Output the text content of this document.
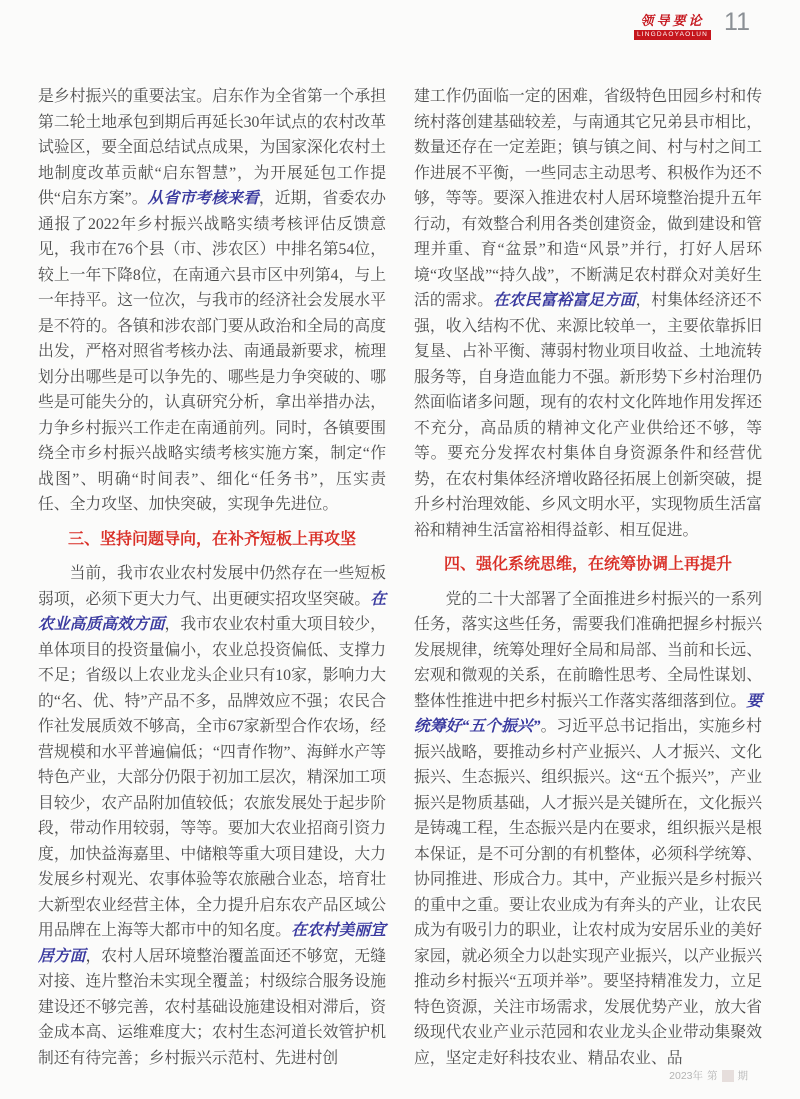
领导要论
LINGDAOYAOLUN 11

是乡村振兴的重要法宝。启东作为全省第一个承担第二轮土地承包到期后再延长30年试点的农村改革试验区，要全面总结试点成果，为国家深化农村土地制度改革贡献“启东智慧”，为开展延包工作提供“启东方案”。从省市考核来看，近期，省委农办通报了2022年乡村振兴战略实绩考核评估反馈意见，我市在76个县（市、涉农区）中排名第54位，较上一年下降8位，在南通六县市区中列第4，与上一年持平。这一位次，与我市的经济社会发展水平是不符的。各镇和涉农部门要从政治和全局的高度出发，严格对照省考核办法、南通最新要求，梳理划分出哪些是可以争先的、哪些是力争突破的、哪些是可能失分的，认真研究分析，拿出举措办法，力争乡村振兴工作走在南通前列。同时，各镇要围绕全市乡村振兴战略实绩考核实施方案，制定“作战图”、明确“时间表”、细化“任务书”，压实责任、全力攻坚、加快突破，实现争先进位。

三、坚持问题导向，在补齐短板上再攻坚

当前，我市农业农村发展中仍然存在一些短板弱项，必须下更大力气、出更硬实招攻坚突破。在农业高质高效方面，我市农业农村重大项目较少，单体项目的投资量偏小，农业总投资偏低、支撑力不足；省级以上农业龙头企业只有10家，影响力大的“名、优、特”产品不多，品牌效应不强；农民合作社发展质效不够高，全市67家新型合作农场，经营规模和水平普遍偏低；“四青作物”、海鲜水产等特色产业，大部分仍限于初加工层次，精深加工项目较少，农产品附加值较低；农旅发展处于起步阶段，带动作用较弱，等等。要加大农业招商引资力度，加快益海嘉里、中储粮等重大项目建设，大力发展乡村观光、农事体验等农旅融合业态，培育壮大新型农业经营主体，全力提升启东农产品区域公用品牌在上海等大都市中的知名度。在农村美丽宜居方面，农村人居环境整治覆盖面还不够宽，无缝对接、连片整治未实现全覆盖；村级综合服务设施建设还不够完善，农村基础设施建设相对滞后，资金成本高、运维难度大；农村生态河道长效管护机制还有待完善；乡村振兴示范村、先进村创

建工作仍面临一定的困难，省级特色田园乡村和传统村落创建基础较差，与南通其它兄弟县市相比，数量还存在一定差距；镇与镇之间、村与村之间工作进展不平衡，一些同志主动思考、积极作为还不够，等等。要深入推进农村人居环境整治提升五年行动，有效整合利用各类创建资金，做到建设和管理并重、育“盆景”和造“风景”并行，打好人居环境“攻坚战”“持久战”，不断满足农村群众对美好生活的需求。在农民富裕富足方面，村集体经济还不强，收入结构不优、来源比较单一，主要依靠拆旧复垦、占补平衡、薄弱村物业项目收益、土地流转服务等，自身造血能力不强。新形势下乡村治理仍然面临诸多问题，现有的农村文化阵地作用发挥还不充分，高品质的精神文化产业供给还不够，等等。要充分发挥农村集体自身资源条件和经营优势，在农村集体经济增收路径拓展上创新突破，提升乡村治理效能、乡风文明水平，实现物质生活富裕和精神生活富裕相得益彰、相互促进。

四、强化系统思维，在统筹协调上再提升

党的二十大部署了全面推进乡村振兴的一系列任务，落实这些任务，需要我们准确把握乡村振兴发展规律，统筹处理好全局和局部、当前和长远、宏观和微观的关系，在前瞻性思考、全局性谋划、整体性推进中把乡村振兴工作落实落细落到位。要统筹好“五个振兴”。习近平总书记指出，实施乡村振兴战略，要推动乡村产业振兴、人才振兴、文化振兴、生态振兴、组织振兴。这“五个振兴”，产业振兴是物质基础，人才振兴是关键所在，文化振兴是铸魂工程，生态振兴是内在要求，组织振兴是根本保证，是不可分割的有机整体，必须科学统筹、协同推进、形成合力。其中，产业振兴是乡村振兴的重中之重。要让农业成为有奔头的产业，让农民成为有吸引力的职业，让农村成为安居乐业的美好家园，就必须全力以赴实现产业振兴，以产业振兴推动乡村振兴“五项并举”。要坚持精准发力，立足特色资源，关注市场需求，发展优势产业，放大省级现代农业产业示范园和农业龙头企业带动集聚效应，坚定走好科技农业、精品农业、品

2023年 第 期
